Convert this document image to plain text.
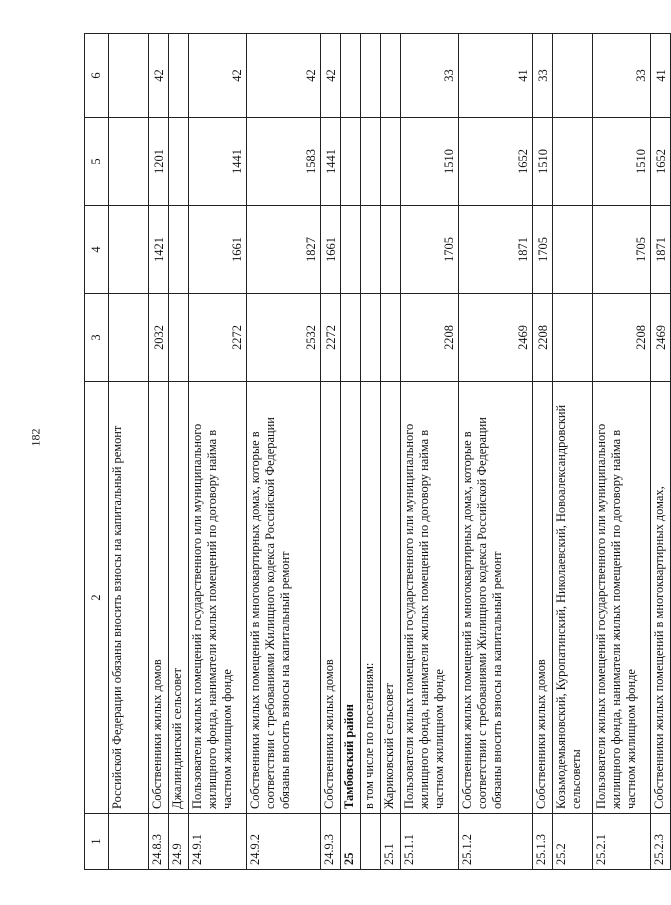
182
1	2	3	4	5	6
	Российской Федерации обязаны вносить взносы на капитальный ремонт				
24.8.3	Собственники жилых домов	2032	1421	1201	42
24.9	Джалиндинский сельсовет				
24.9.1	Пользователи жилых помещений государственного или муниципального жилищного фонда, наниматели жилых помещений по договору найма в частном жилищном фонде	2272	1661	1441	42
24.9.2	Собственники жилых помещений в многоквартирных домах, которые в соответствии с требованиями Жилищного кодекса Российской Федерации обязаны вносить взносы на капитальный ремонт	2532	1827	1583	42
24.9.3	Собственники жилых домов	2272	1661	1441	42
25	Тамбовский район				
	в том числе по поселениям:				
25.1	Жариковский сельсовет				
25.1.1	Пользователи жилых помещений государственного или муниципального жилищного фонда, наниматели жилых помещений по договору найма в частном жилищном фонде	2208	1705	1510	33
25.1.2	Собственники жилых помещений в многоквартирных домах, которые в соответствии с требованиями Жилищного кодекса Российской Федерации обязаны вносить взносы на капитальный ремонт	2469	1871	1652	41
25.1.3	Собственники жилых домов	2208	1705	1510	33
25.2	Козьмодемьяновский, Куропатинский, Николаевский, Новоалександровский сельсоветы				
25.2.1	Пользователи жилых помещений государственного или муниципального жилищного фонда, наниматели жилых помещений по договору найма в частном жилищном фонде	2208	1705	1510	33
25.2.3	Собственники жилых помещений в многоквартирных домах,	2469	1871	1652	41
